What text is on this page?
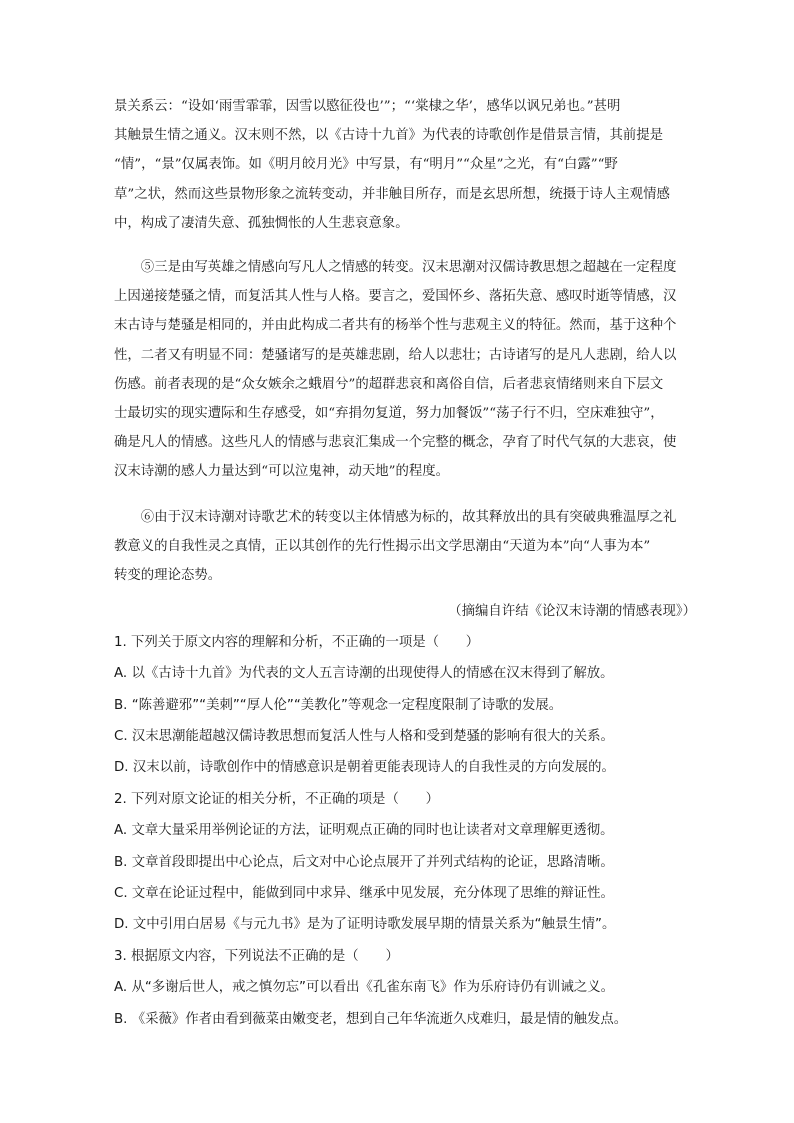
景关系云：“设如‘雨雪霏霏，因雪以愍征役也’”；“‘棠棣之华’，感华以讽兄弟也。”甚明

其触景生情之通义。汉末则不然，以《古诗十九首》为代表的诗歌创作是借景言情，其前提是

“情”，“景”仅属表饰。如《明月皎月光》中写景，有“明月”“众星”之光，有“白露”“野

草”之状，然而这些景物形象之流转变动，并非触目所存，而是玄思所想，统摄于诗人主观情感

中，构成了凄清失意、孤独惆怅的人生悲哀意象。

⑤三是由写英雄之情感向写凡人之情感的转变。汉末思潮对汉儒诗教思想之超越在一定程度

上因递接楚骚之情，而复活其人性与人格。要言之，爱国怀乡、落拓失意、感叹时逝等情感，汉

末古诗与楚骚是相同的，并由此构成二者共有的杨举个性与悲观主义的特征。然而，基于这种个

性，二者又有明显不同：楚骚诸写的是英雄悲剧，给人以悲壮；古诗诸写的是凡人悲剧，给人以

伤感。前者表现的是“众女嫉余之蛾眉兮”的超群悲哀和离俗自信，后者悲哀情绪则来自下层文

士最切实的现实遭际和生存感受，如“弃捐勿复道，努力加餐饭”“荡子行不归，空床难独守”，

确是凡人的情感。这些凡人的情感与悲哀汇集成一个完整的概念，孕育了时代气氛的大悲哀，使

汉末诗潮的感人力量达到“可以泣鬼神，动天地”的程度。

⑥由于汉末诗潮对诗歌艺术的转变以主体情感为标的，故其释放出的具有突破典雅温厚之礼

教意义的自我性灵之真情，正以其创作的先行性揭示出文学思潮由“天道为本”向“人事为本”

转变的理论态势。

（摘编自许结《论汉末诗潮的情感表现》）
1. 下列关于原文内容的理解和分析，不正确的一项是（　　）
A. 以《古诗十九首》为代表的文人五言诗潮的出现使得人的情感在汉末得到了解放。
B. “陈善避邪”“美刺”“厚人伦”“美教化”等观念一定程度限制了诗歌的发展。
C. 汉末思潮能超越汉儒诗教思想而复活人性与人格和受到楚骚的影响有很大的关系。
D. 汉末以前，诗歌创作中的情感意识是朝着更能表现诗人的自我性灵的方向发展的。
2. 下列对原文论证的相关分析，不正确的项是（　　）
A. 文章大量采用举例论证的方法，证明观点正确的同时也让读者对文章理解更透彻。
B. 文章首段即提出中心论点，后文对中心论点展开了并列式结构的论证，思路清晰。
C. 文章在论证过程中，能做到同中求异、继承中见发展，充分体现了思维的辩证性。
D. 文中引用白居易《与元九书》是为了证明诗歌发展早期的情景关系为“触景生情”。
3. 根据原文内容，下列说法不正确的是（　　）
A. 从“多谢后世人，戒之慎勿忘”可以看出《孔雀东南飞》作为乐府诗仍有训诫之义。
B. 《采薇》作者由看到薇菜由嫩变老，想到自己年华流逝久戍难归，最是情的触发点。
